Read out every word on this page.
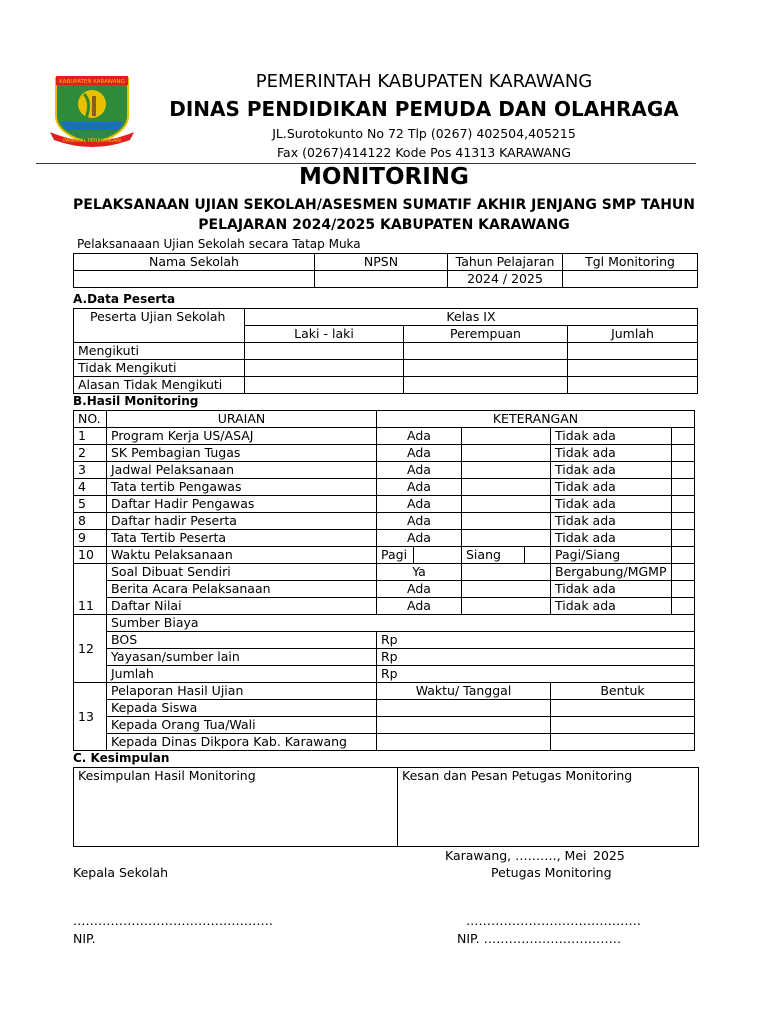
KABUPATEN KARAWANG
PANGKAL PERJUANGAN
PEMERINTAH KABUPATEN KARAWANG
DINAS PENDIDIKAN PEMUDA DAN OLAHRAGA
JL.Surotokunto No 72 Tlp (0267) 402504,405215
Fax (0267)414122 Kode Pos 41313 KARAWANG
MONITORING
PELAKSANAAN UJIAN SEKOLAH/ASESMEN SUMATIF AKHIR JENJANG SMP TAHUN
PELAJARAN 2024/2025 KABUPATEN KARAWANG
Pelaksanaaan Ujian Sekolah secara Tatap Muka
Nama Sekolah	NPSN	Tahun Pelajaran	Tgl Monitoring
		2024 / 2025	
A.Data Peserta
Peserta Ujian Sekolah	Kelas IX		
	Laki - laki	Perempuan	Jumlah
Mengikuti			
Tidak Mengikuti			
Alasan Tidak Mengikuti			
B.Hasil Monitoring
NO.	URAIAN	KETERANGAN					
1	Program Kerja US/ASAJ	Ada				Tidak ada	
2	SK Pembagian Tugas	Ada				Tidak ada	
3	Jadwal Pelaksanaan	Ada				Tidak ada	
4	Tata tertib Pengawas	Ada				Tidak ada	
5	Daftar Hadir Pengawas	Ada				Tidak ada	
8	Daftar hadir Peserta	Ada				Tidak ada	
9	Tata Tertib Peserta	Ada				Tidak ada	
10	Waktu Pelaksanaan	Pagi		Siang		Pagi/Siang	
11	Soal Dibuat Sendiri	Ya				Bergabung/MGMP	
	Berita Acara Pelaksanaan	Ada				Tidak ada	
	Daftar Nilai	Ada				Tidak ada	
12	Sumber Biaya						
	BOS	Rp					
	Yayasan/sumber lain	Rp					
	Jumlah	Rp					
13	Pelaporan Hasil Ujian	Waktu/ Tanggal				Bentuk	
	Kepada Siswa						
	Kepada Orang Tua/Wali						
	Kepada Dinas Dikpora Kab. Karawang						
C. Kesimpulan
Kesimpulan Hasil Monitoring	Kesan dan Pesan Petugas Monitoring
Karawang, ………., Mei 2025
Kepala Sekolah	Petugas Monitoring
…………………………………………	……………………………………
NIP.	NIP. ……………………………
